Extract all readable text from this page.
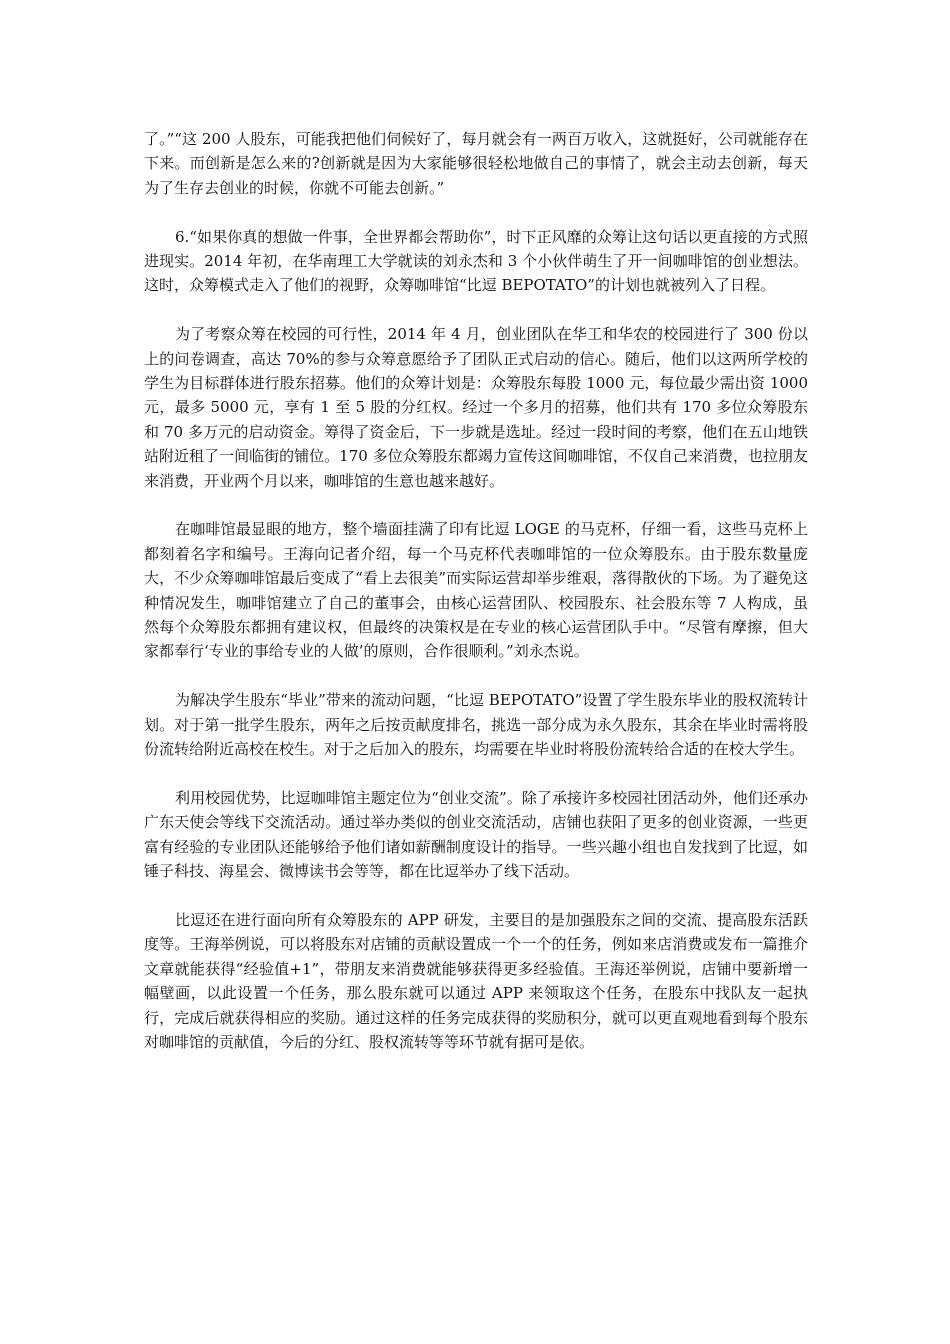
了。”“这 200 人股东，可能我把他们伺候好了，每月就会有一两百万收入，这就挺好，公司就能存在下来。而创新是怎么来的?创新就是因为大家能够很轻松地做自己的事情了，就会主动去创新，每天为了生存去创业的时候，你就不可能去创新。”

6.“如果你真的想做一件事，全世界都会帮助你”，时下正风靡的众筹让这句话以更直接的方式照进现实。2014 年初，在华南理工大学就读的刘永杰和 3 个小伙伴萌生了开一间咖啡馆的创业想法。这时，众筹模式走入了他们的视野，众筹咖啡馆“比逗 BEPOTATO”的计划也就被列入了日程。

为了考察众筹在校园的可行性，2014 年 4 月，创业团队在华工和华农的校园进行了 300 份以上的问卷调查，高达 70%的参与众筹意愿给予了团队正式启动的信心。随后，他们以这两所学校的学生为目标群体进行股东招募。他们的众筹计划是：众筹股东每股 1000 元，每位最少需出资 1000 元，最多 5000 元，享有 1 至 5 股的分红权。经过一个多月的招募，他们共有 170 多位众筹股东和 70 多万元的启动资金。筹得了资金后，下一步就是选址。经过一段时间的考察，他们在五山地铁站附近租了一间临街的铺位。170 多位众筹股东都竭力宣传这间咖啡馆，不仅自己来消费，也拉朋友来消费，开业两个月以来，咖啡馆的生意也越来越好。

在咖啡馆最显眼的地方，整个墙面挂满了印有比逗 LOGE 的马克杯，仔细一看，这些马克杯上都刻着名字和编号。王海向记者介绍，每一个马克杯代表咖啡馆的一位众筹股东。由于股东数量庞大，不少众筹咖啡馆最后变成了“看上去很美”而实际运营却举步维艰，落得散伙的下场。为了避免这种情况发生，咖啡馆建立了自己的董事会，由核心运营团队、校园股东、社会股东等 7 人构成，虽然每个众筹股东都拥有建议权，但最终的决策权是在专业的核心运营团队手中。“尽管有摩擦，但大家都奉行‘专业的事给专业的人做’的原则，合作很顺利。”刘永杰说。

为解决学生股东“毕业”带来的流动问题，“比逗 BEPOTATO”设置了学生股东毕业的股权流转计划。对于第一批学生股东，两年之后按贡献度排名，挑选一部分成为永久股东，其余在毕业时需将股份流转给附近高校在校生。对于之后加入的股东，均需要在毕业时将股份流转给合适的在校大学生。

利用校园优势，比逗咖啡馆主题定位为“创业交流”。除了承接许多校园社团活动外，他们还承办广东天使会等线下交流活动。通过举办类似的创业交流活动，店铺也获阳了更多的创业资源，一些更富有经验的专业团队还能够给予他们诸如薪酬制度设计的指导。一些兴趣小组也自发找到了比逗，如锤子科技、海星会、微博读书会等等，都在比逗举办了线下活动。

比逗还在进行面向所有众筹股东的 APP 研发，主要目的是加强股东之间的交流、提高股东活跃度等。王海举例说，可以将股东对店铺的贡献设置成一个一个的任务，例如来店消费或发布一篇推介文章就能获得“经验值+1”，带朋友来消费就能够获得更多经验值。王海还举例说，店铺中要新增一幅壁画，以此设置一个任务，那么股东就可以通过 APP 来领取这个任务，在股东中找队友一起执行，完成后就获得相应的奖励。通过这样的任务完成获得的奖励积分，就可以更直观地看到每个股东对咖啡馆的贡献值，今后的分红、股权流转等等环节就有据可是依。
